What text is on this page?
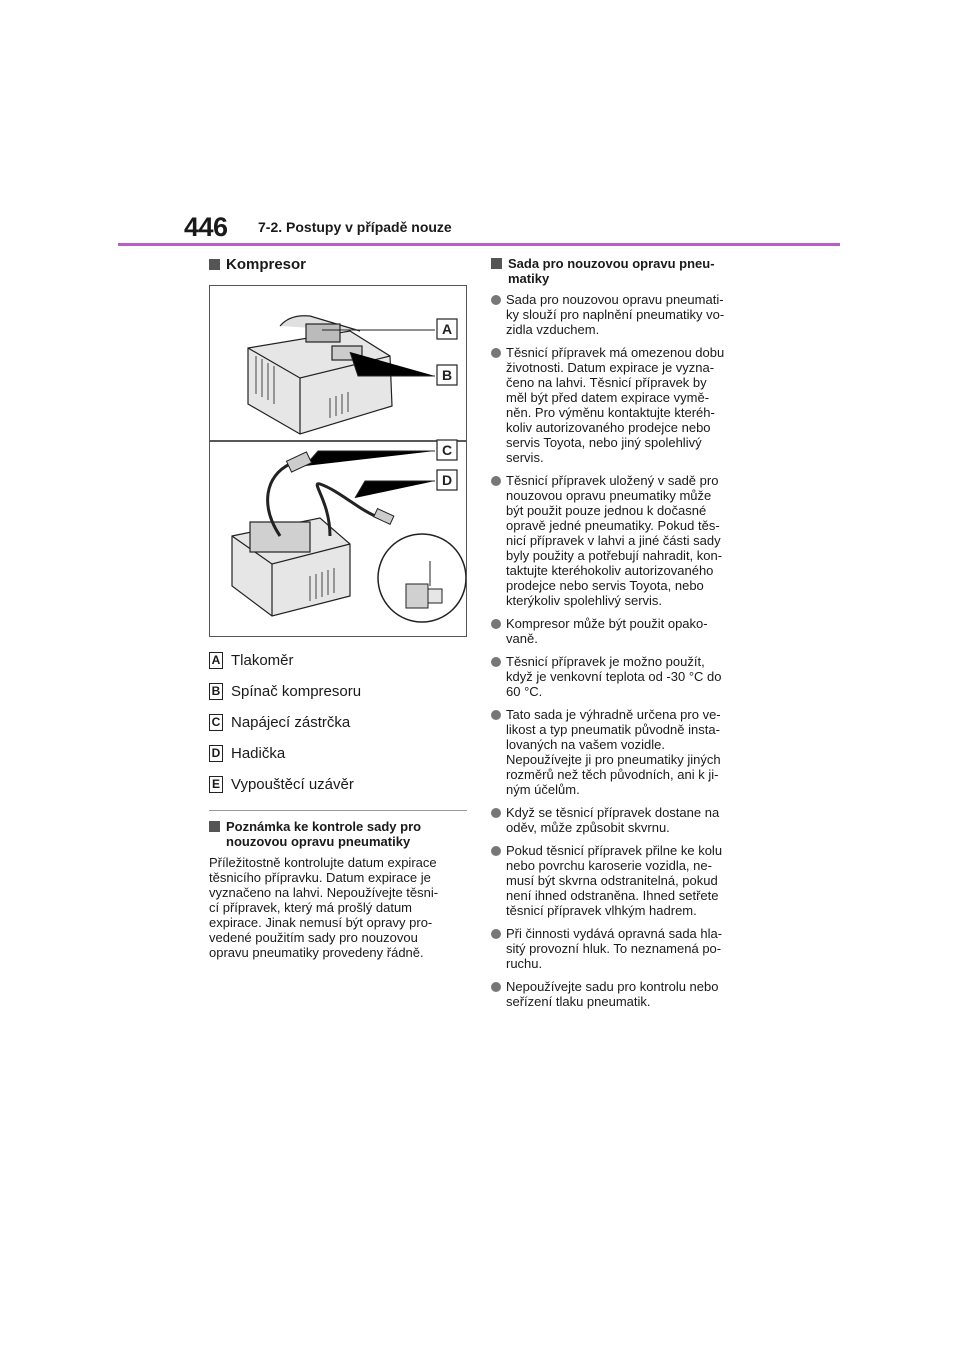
446 7-2. Postupy v případě nouze
Kompresor
A
B
C
D
A Tlakoměr
B Spínač kompresoru
C Napájecí zástrčka
D Hadička
E Vypouštěcí uzávěr
Poznámka ke kontrole sady pro
nouzovou opravu pneumatiky
Příležitostně kontrolujte datum expirace
těsnicího přípravku. Datum expirace je
vyznačeno na lahvi. Nepoužívejte těsni-
cí přípravek, který má prošlý datum
expirace. Jinak nemusí být opravy pro-
vedené použitím sady pro nouzovou
opravu pneumatiky provedeny řádně.
Sada pro nouzovou opravu pneu-
matiky
Sada pro nouzovou opravu pneumati-
ky slouží pro naplnění pneumatiky vo-
zidla vzduchem.
Těsnicí přípravek má omezenou dobu
životnosti. Datum expirace je vyzna-
čeno na lahvi. Těsnicí přípravek by
měl být před datem expirace vymě-
něn. Pro výměnu kontaktujte kteréh-
koliv autorizovaného prodejce nebo
servis Toyota, nebo jiný spolehlivý
servis.
Těsnicí přípravek uložený v sadě pro
nouzovou opravu pneumatiky může
být použit pouze jednou k dočasné
opravě jedné pneumatiky. Pokud těs-
nicí přípravek v lahvi a jiné části sady
byly použity a potřebují nahradit, kon-
taktujte kteréhokoliv autorizovaného
prodejce nebo servis Toyota, nebo
kterýkoliv spolehlivý servis.
Kompresor může být použit opako-
vaně.
Těsnicí přípravek je možno použít,
když je venkovní teplota od -30 °C do
60 °C.
Tato sada je výhradně určena pro ve-
likost a typ pneumatik původně insta-
lovaných na vašem vozidle.
Nepoužívejte ji pro pneumatiky jiných
rozměrů než těch původních, ani k ji-
ným účelům.
Když se těsnicí přípravek dostane na
oděv, může způsobit skvrnu.
Pokud těsnicí přípravek přilne ke kolu
nebo povrchu karoserie vozidla, ne-
musí být skvrna odstranitelná, pokud
není ihned odstraněna. Ihned setřete
těsnicí přípravek vlhkým hadrem.
Při činnosti vydává opravná sada hla-
sitý provozní hluk. To neznamená po-
ruchu.
Nepoužívejte sadu pro kontrolu nebo
seřízení tlaku pneumatik.
